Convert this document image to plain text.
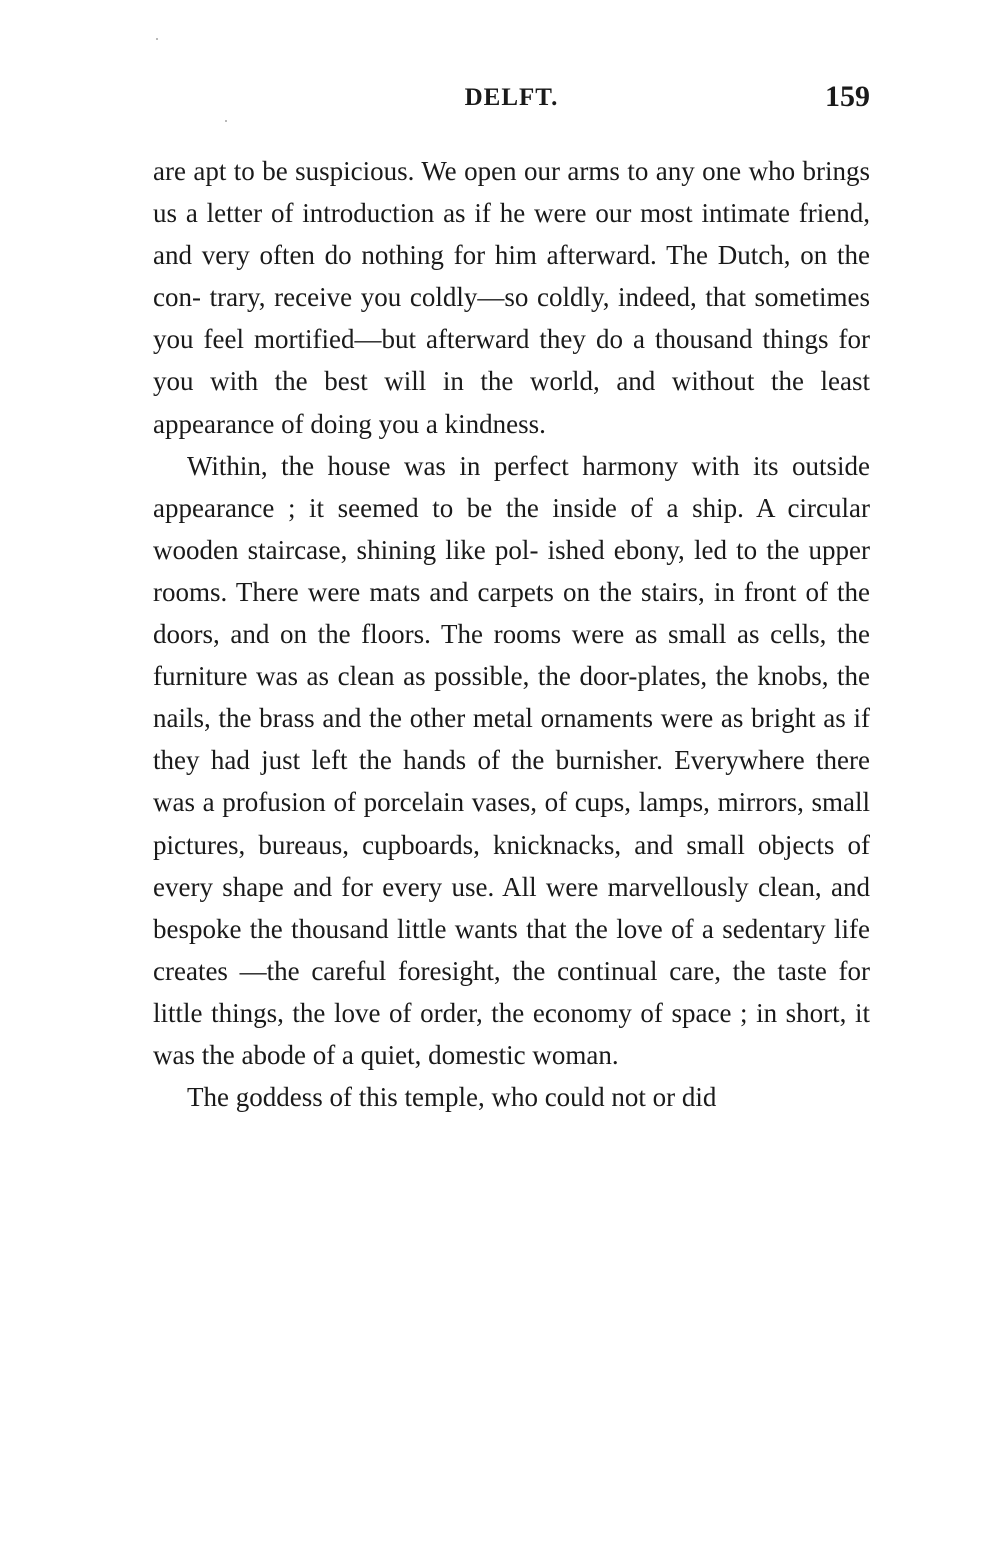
DELFT.	159

are apt to be suspicious. We open our arms to any one who brings us a letter of introduction as if he were our most intimate friend, and very often do nothing for him afterward. The Dutch, on the con- trary, receive you coldly—so coldly, indeed, that sometimes you feel mortified—but afterward they do a thousand things for you with the best will in the world, and without the least appearance of doing you a kindness.

Within, the house was in perfect harmony with its outside appearance ; it seemed to be the inside of a ship. A circular wooden staircase, shining like pol- ished ebony, led to the upper rooms. There were mats and carpets on the stairs, in front of the doors, and on the floors. The rooms were as small as cells, the furniture was as clean as possible, the door-plates, the knobs, the nails, the brass and the other metal ornaments were as bright as if they had just left the hands of the burnisher. Everywhere there was a profusion of porcelain vases, of cups, lamps, mirrors, small pictures, bureaus, cupboards, knicknacks, and small objects of every shape and for every use. All were marvellously clean, and bespoke the thousand little wants that the love of a sedentary life creates —the careful foresight, the continual care, the taste for little things, the love of order, the economy of space ; in short, it was the abode of a quiet, domestic woman.

The goddess of this temple, who could not or did
